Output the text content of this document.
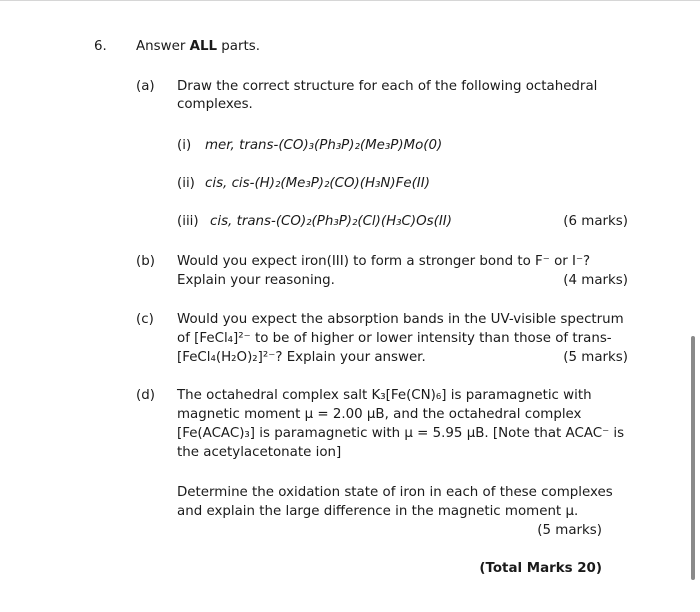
6. Answer ALL parts.
(a) Draw the correct structure for each of the following octahedral
complexes.
(i) mer, trans-(CO)₃(Ph₃P)₂(Me₃P)Mo(0)
(ii) cis, cis-(H)₂(Me₃P)₂(CO)(H₃N)Fe(II)
(iii) cis, trans-(CO)₂(Ph₃P)₂(Cl)(H₃C)Os(II)	(6 marks)
(b) Would you expect iron(III) to form a stronger bond to F⁻ or I⁻?
Explain your reasoning.	(4 marks)
(c) Would you expect the absorption bands in the UV-visible spectrum
of [FeCl₄]²⁻ to be of higher or lower intensity than those of trans-
[FeCl₄(H₂O)₂]²⁻? Explain your answer.	(5 marks)
(d) The octahedral complex salt K₃[Fe(CN)₆] is paramagnetic with
magnetic moment μ = 2.00 μB, and the octahedral complex
[Fe(ACAC)₃] is paramagnetic with μ = 5.95 μB. [Note that ACAC⁻ is
the acetylacetonate ion]
Determine the oxidation state of iron in each of these complexes
and explain the large difference in the magnetic moment μ.
(5 marks)
(Total Marks 20)
